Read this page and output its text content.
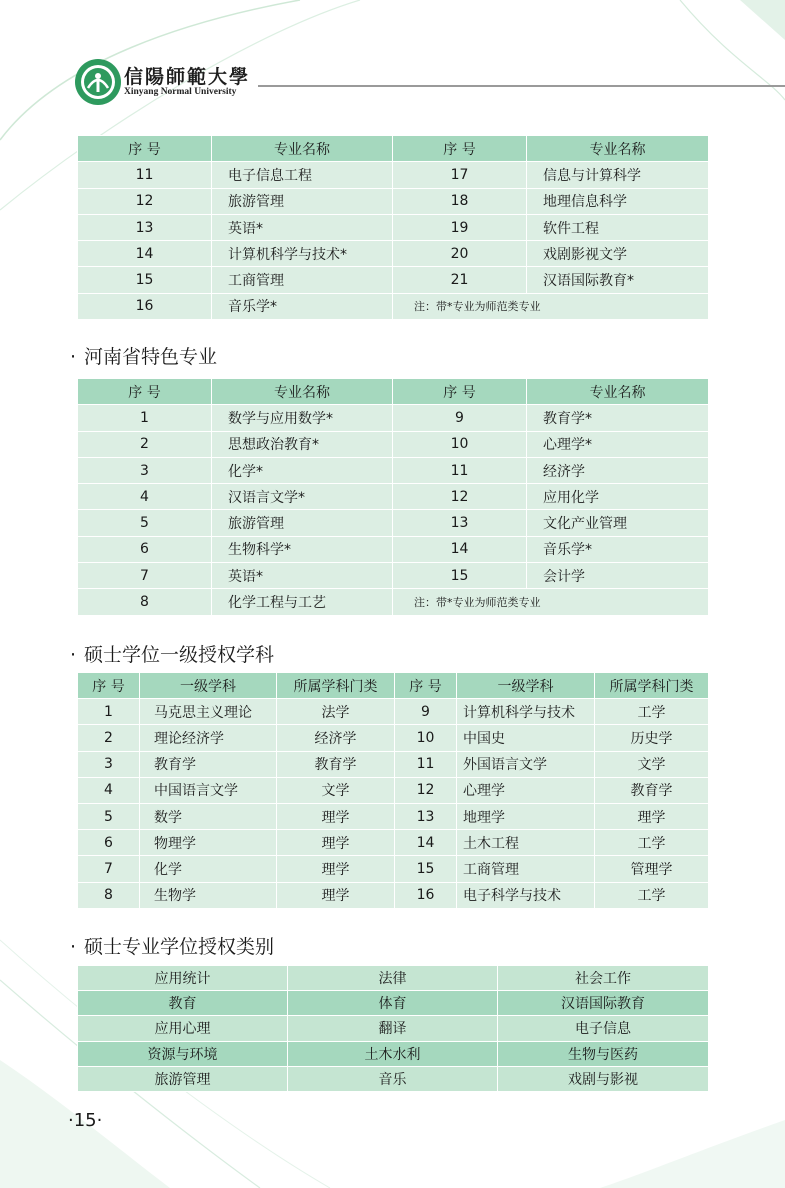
信陽師範大學
Xinyang Normal University
序 号	专业名称	序 号	专业名称
11	电子信息工程	17	信息与计算科学
12	旅游管理	18	地理信息科学
13	英语*	19	软件工程
14	计算机科学与技术*	20	戏剧影视文学
15	工商管理	21	汉语国际教育*
16	音乐学*	注：带*专业为师范类专业	
· 河南省特色专业
序 号	专业名称	序 号	专业名称
1	数学与应用数学*	9	教育学*
2	思想政治教育*	10	心理学*
3	化学*	11	经济学
4	汉语言文学*	12	应用化学
5	旅游管理	13	文化产业管理
6	生物科学*	14	音乐学*
7	英语*	15	会计学
8	化学工程与工艺	注：带*专业为师范类专业	
· 硕士学位一级授权学科
序 号	一级学科	所属学科门类	序 号	一级学科	所属学科门类
1	马克思主义理论	法学	9	计算机科学与技术	工学
2	理论经济学	经济学	10	中国史	历史学
3	教育学	教育学	11	外国语言文学	文学
4	中国语言文学	文学	12	心理学	教育学
5	数学	理学	13	地理学	理学
6	物理学	理学	14	土木工程	工学
7	化学	理学	15	工商管理	管理学
8	生物学	理学	16	电子科学与技术	工学
· 硕士专业学位授权类别
应用统计	法律	社会工作
教育	体育	汉语国际教育
应用心理	翻译	电子信息
资源与环境	土木水利	生物与医药
旅游管理	音乐	戏剧与影视
·15·
